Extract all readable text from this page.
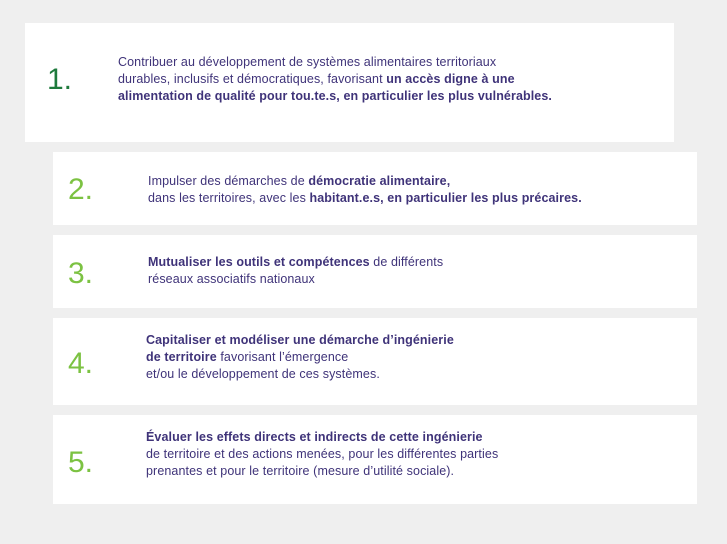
1.
Contribuer au développement de systèmes alimentaires territoriaux
durables, inclusifs et démocratiques, favorisant un accès digne à une
alimentation de qualité pour tou.te.s, en particulier les plus vulnérables.
2.	Impulser des démarches de démocratie alimentaire,
dans les territoires, avec les habitant.e.s, en particulier les plus précaires.
3.	Mutualiser les outils et compétences de différents
réseaux associatifs nationaux
4.
Capitaliser et modéliser une démarche d’ingénierie
de territoire favorisant l’émergence
et/ou le développement de ces systèmes.
5.
Évaluer les effets directs et indirects de cette ingénierie
de territoire et des actions menées, pour les différentes parties
prenantes et pour le territoire (mesure d’utilité sociale).
